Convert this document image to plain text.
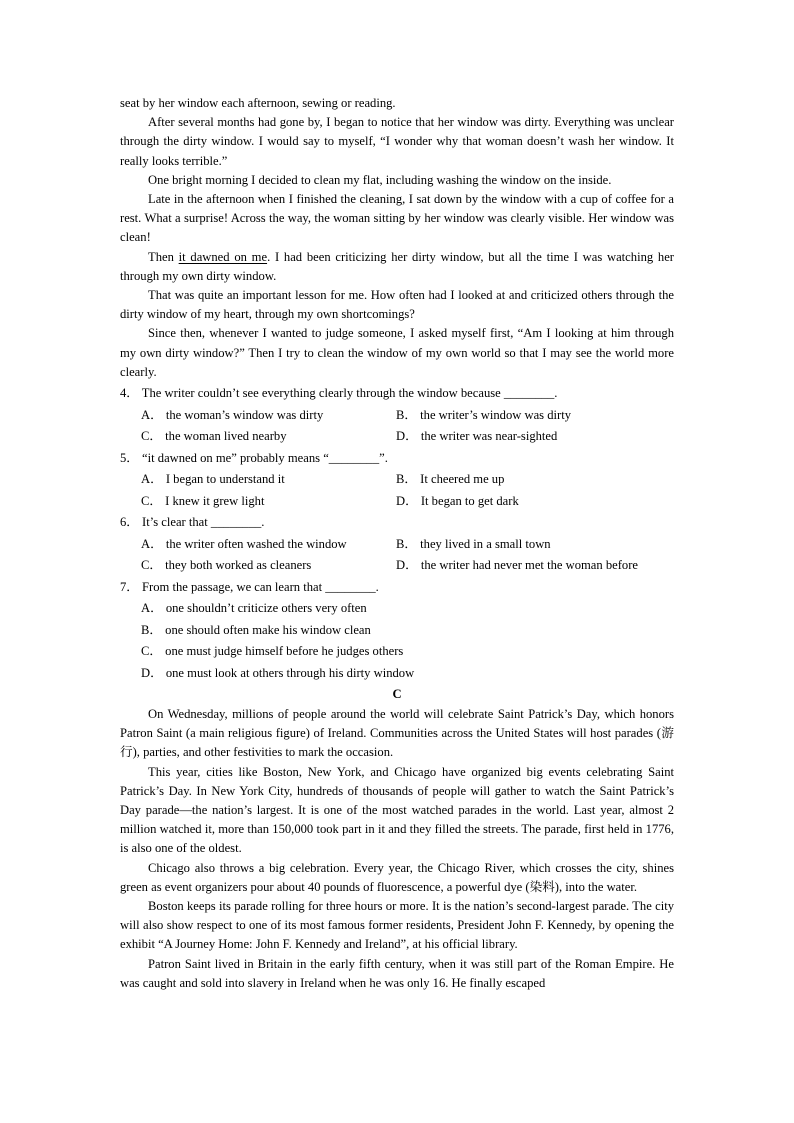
seat by her window each afternoon, sewing or reading.

After several months had gone by, I began to notice that her window was dirty. Everything was unclear through the dirty window. I would say to myself, “I wonder why that woman doesn’t wash her window. It really looks terrible.”

One bright morning I decided to clean my flat, including washing the window on the inside.

Late in the afternoon when I finished the cleaning, I sat down by the window with a cup of coffee for a rest. What a surprise! Across the way, the woman sitting by her window was clearly visible. Her window was clean!

Then it dawned on me. I had been criticizing her dirty window, but all the time I was watching her through my own dirty window.

That was quite an important lesson for me. How often had I looked at and criticized others through the dirty window of my heart, through my own shortcomings?

Since then, whenever I wanted to judge someone, I asked myself first, “Am I looking at him through my own dirty window?” Then I try to clean the window of my own world so that I may see the world more clearly.

4． The writer couldn’t see everything clearly through the window because ________.
A． the woman’s window was dirty	B． the writer’s window was dirty
C． the woman lived nearby	D． the writer was near-sighted
5． “it dawned on me” probably means “________”.
A． I began to understand it	B． It cheered me up
C． I knew it grew light	D． It began to get dark
6． It’s clear that ________.
A． the writer often washed the window	B． they lived in a small town
C． they both worked as cleaners	D． the writer had never met the woman before
7． From the passage, we can learn that ________.
A． one shouldn’t criticize others very often
B． one should often make his window clean
C． one must judge himself before he judges others
D． one must look at others through his dirty window

C

On Wednesday, millions of people around the world will celebrate Saint Patrick’s Day, which honors Patron Saint (a main religious figure) of Ireland. Communities across the United States will host parades (游行), parties, and other festivities to mark the occasion.

This year, cities like Boston, New York, and Chicago have organized big events celebrating Saint Patrick’s Day. In New York City, hundreds of thousands of people will gather to watch the Saint Patrick’s Day parade—the nation’s largest. It is one of the most watched parades in the world. Last year, almost 2 million watched it, more than 150,000 took part in it and they filled the streets. The parade, first held in 1776, is also one of the oldest.

Chicago also throws a big celebration. Every year, the Chicago River, which crosses the city, shines green as event organizers pour about 40 pounds of fluorescence, a powerful dye (染料), into the water.

Boston keeps its parade rolling for three hours or more. It is the nation’s second-largest parade. The city will also show respect to one of its most famous former residents, President John F. Kennedy, by opening the exhibit “A Journey Home: John F. Kennedy and Ireland”, at his official library.

Patron Saint lived in Britain in the early fifth century, when it was still part of the Roman Empire. He was caught and sold into slavery in Ireland when he was only 16. He finally escaped
